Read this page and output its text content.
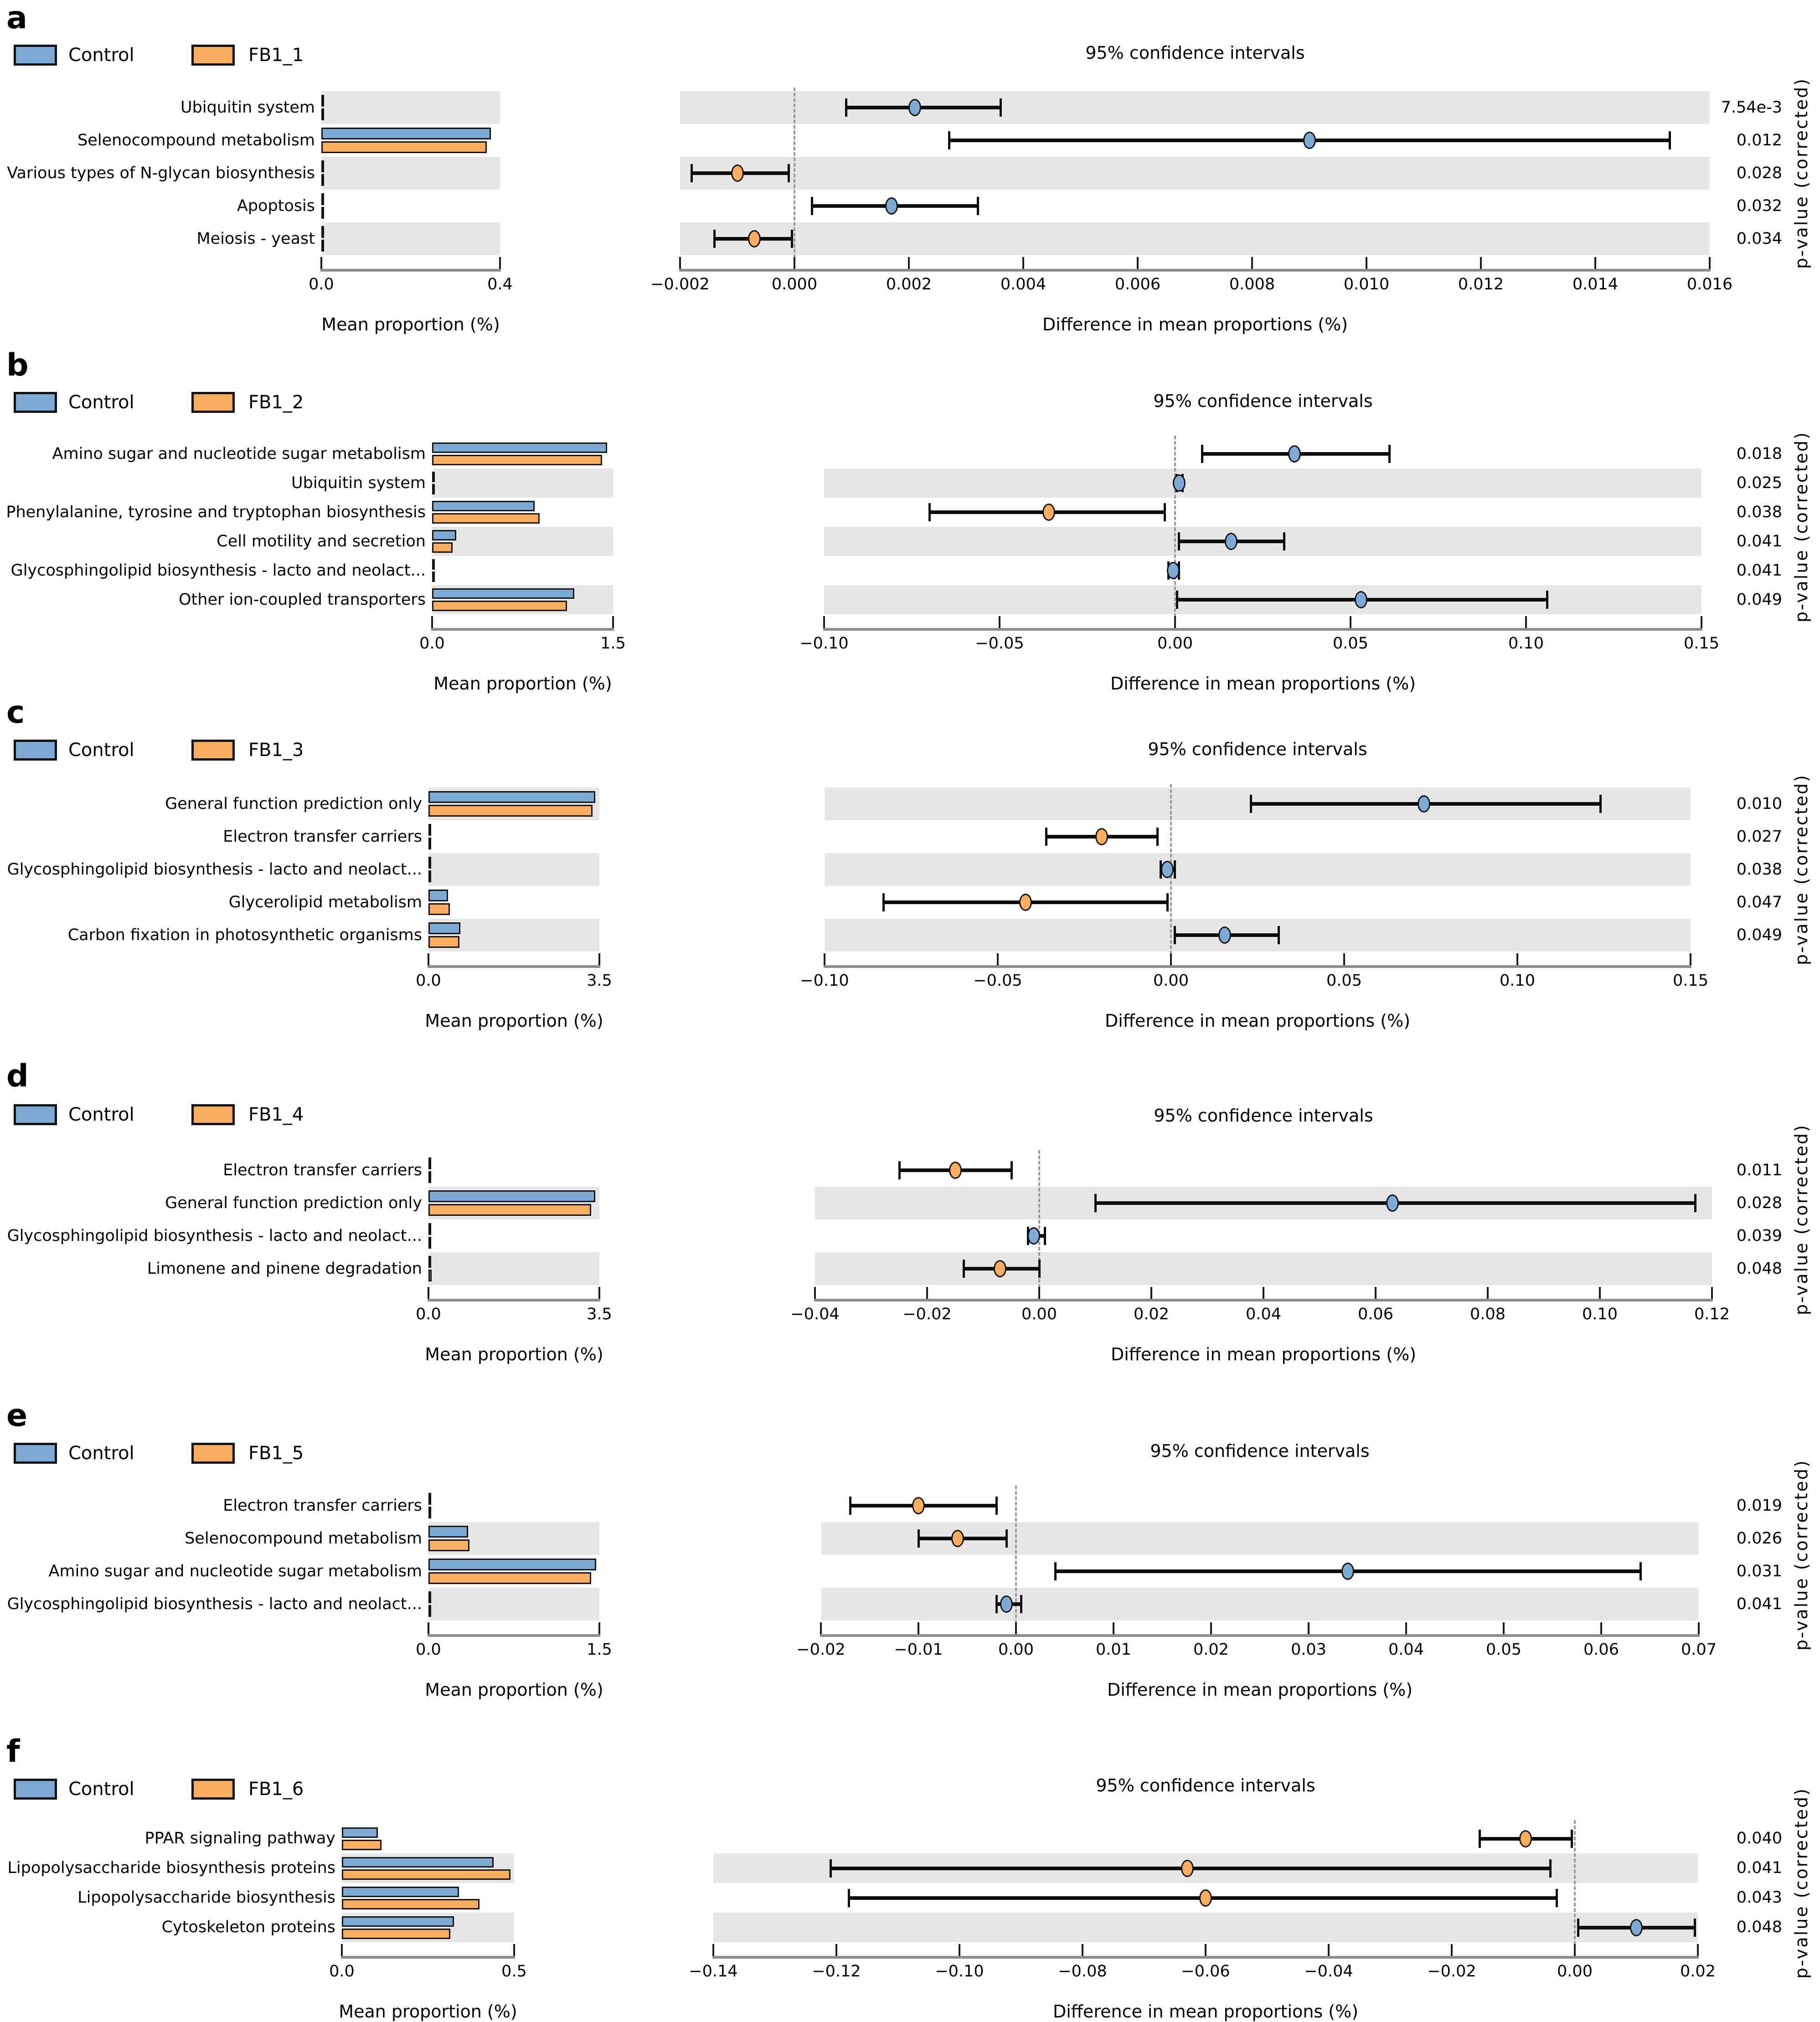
a
Control	FB1_1	95% confidence intervals
Ubiquitin system	7.54e-3
Selenocompound metabolism	0.012
Various types of N-glycan biosynthesis	0.028
Apoptosis	0.032
Meiosis - yeast	0.034
0.0	0.4	−0.002	0.000	0.002	0.004	0.006	0.008	0.010	0.012	0.014	0.016
Mean proportion (%)	Difference in mean proportions (%)
p-value (corrected)
b
Control	FB1_2	95% confidence intervals
Amino sugar and nucleotide sugar metabolism	0.018
Ubiquitin system	0.025
Phenylalanine, tyrosine and tryptophan biosynthesis	0.038
Cell motility and secretion	0.041
Glycosphingolipid biosynthesis - lacto and neolact...	0.041
Other ion-coupled transporters	0.049
0.0	1.5	−0.10	−0.05	0.00	0.05	0.10	0.15
Mean proportion (%)	Difference in mean proportions (%)
p-value (corrected)
c
Control	FB1_3	95% confidence intervals
General function prediction only	0.010
Electron transfer carriers	0.027
Glycosphingolipid biosynthesis - lacto and neolact...	0.038
Glycerolipid metabolism	0.047
Carbon fixation in photosynthetic organisms	0.049
0.0	3.5	−0.10	−0.05	0.00	0.05	0.10	0.15
Mean proportion (%)	Difference in mean proportions (%)
p-value (corrected)
d
Control	FB1_4	95% confidence intervals
Electron transfer carriers	0.011
General function prediction only	0.028
Glycosphingolipid biosynthesis - lacto and neolact...	0.039
Limonene and pinene degradation	0.048
0.0	3.5	−0.04	−0.02	0.00	0.02	0.04	0.06	0.08	0.10	0.12
Mean proportion (%)	Difference in mean proportions (%)
p-value (corrected)
e
Control	FB1_5	95% confidence intervals
Electron transfer carriers	0.019
Selenocompound metabolism	0.026
Amino sugar and nucleotide sugar metabolism	0.031
Glycosphingolipid biosynthesis - lacto and neolact...	0.041
0.0	1.5	−0.02	−0.01	0.00	0.01	0.02	0.03	0.04	0.05	0.06	0.07
Mean proportion (%)	Difference in mean proportions (%)
p-value (corrected)
f
Control	FB1_6	95% confidence intervals
PPAR signaling pathway	0.040
Lipopolysaccharide biosynthesis proteins	0.041
Lipopolysaccharide biosynthesis	0.043
Cytoskeleton proteins	0.048
0.0	0.5	−0.14	−0.12	−0.10	−0.08	−0.06	−0.04	−0.02	0.00	0.02
Mean proportion (%)	Difference in mean proportions (%)
p-value (corrected)
